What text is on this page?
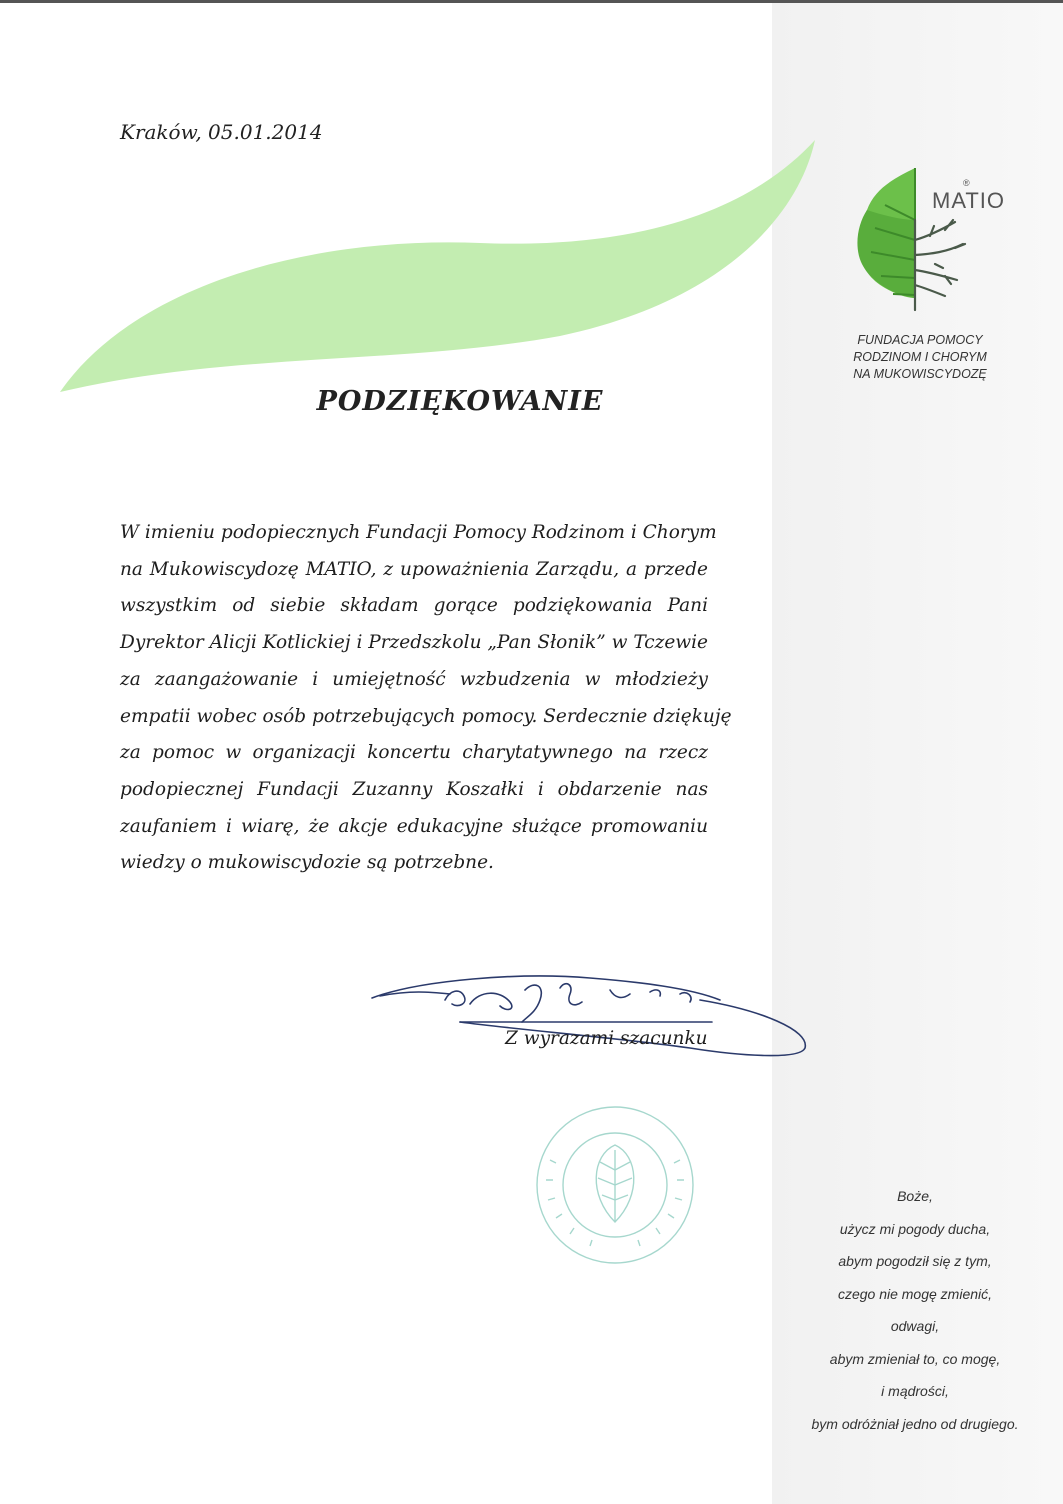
Kraków, 05.01.2014
PODZIĘKOWANIE
W imieniu podopiecznych Fundacji Pomocy Rodzinom i Chorym
na Mukowiscydozę MATIO, z upoważnienia Zarządu, a przede
wszystkim od siebie składam gorące podziękowania Pani
Dyrektor Alicji Kotlickiej i Przedszkolu „Pan Słonik” w Tczewie
za zaangażowanie i umiejętność wzbudzenia w młodzieży
empatii wobec osób potrzebujących pomocy. Serdecznie dziękuję
za pomoc w organizacji koncertu charytatywnego na rzecz
podopiecznej Fundacji Zuzanny Koszałki i obdarzenie nas
zaufaniem i wiarę, że akcje edukacyjne służące promowaniu
wiedzy o mukowiscydozie są potrzebne.
Z wyrazami szacunku
MATIO
®
FUNDACJA POMOCY
RODZINOM I CHORYM
NA MUKOWISCYDOZĘ
Boże,
użycz mi pogody ducha,
abym pogodził się z tym,
czego nie mogę zmienić,
odwagi,
abym zmieniał to, co mogę,
i mądrości,
bym odróżniał jedno od drugiego.
